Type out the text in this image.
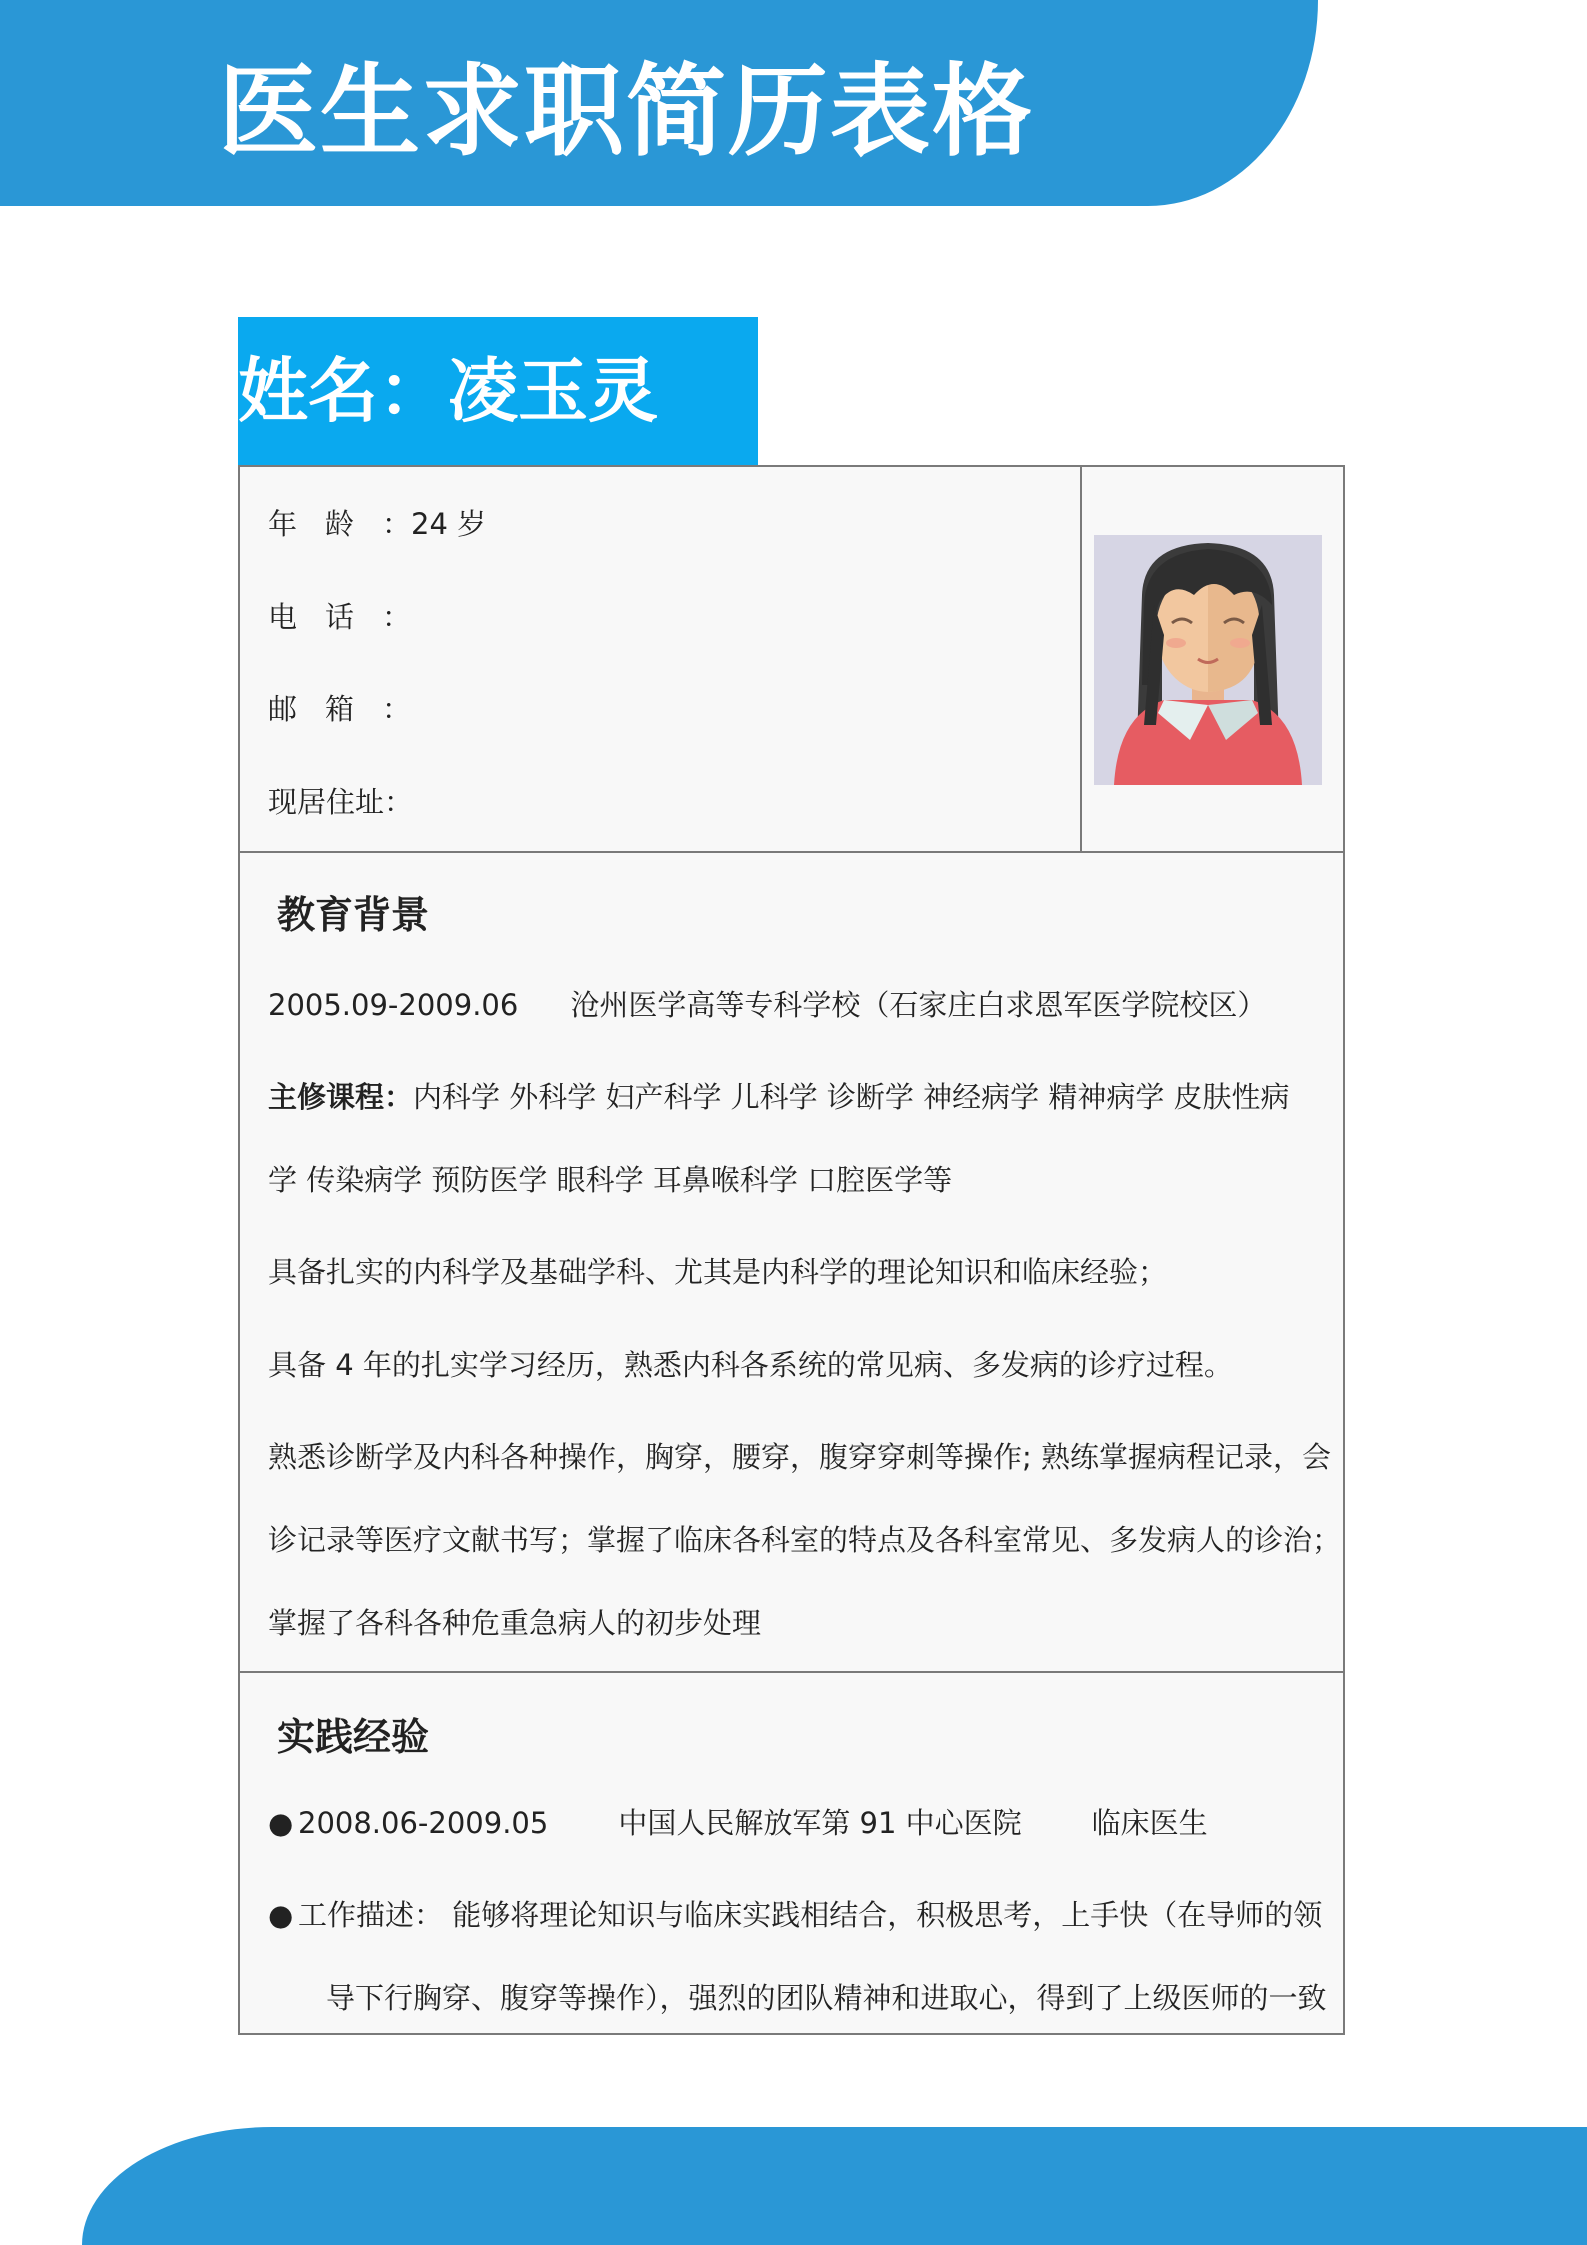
医生求职简历表格
姓名：凌玉灵
年龄：24 岁
电话：
邮箱：
现居住址：
教育背景
2005.09-2009.06 沧州医学高等专科学校（石家庄白求恩军医学院校区）
主修课程：内科学 外科学 妇产科学 儿科学 诊断学 神经病学 精神病学 皮肤性病
学 传染病学 预防医学 眼科学 耳鼻喉科学 口腔医学等
具备扎实的内科学及基础学科、尤其是内科学的理论知识和临床经验；
具备 4 年的扎实学习经历，熟悉内科各系统的常见病、多发病的诊疗过程。
熟悉诊断学及内科各种操作，胸穿，腰穿，腹穿穿刺等操作; 熟练掌握病程记录，会
诊记录等医疗文献书写；掌握了临床各科室的特点及各科室常见、多发病人的诊治；
掌握了各科各种危重急病人的初步处理
实践经验
● 2008.06-2009.05 中国人民解放军第 91 中心医院 临床医生
● 工作描述： 能够将理论知识与临床实践相结合，积极思考，上手快（在导师的领
导下行胸穿、腹穿等操作），强烈的团队精神和进取心，得到了上级医师的一致
